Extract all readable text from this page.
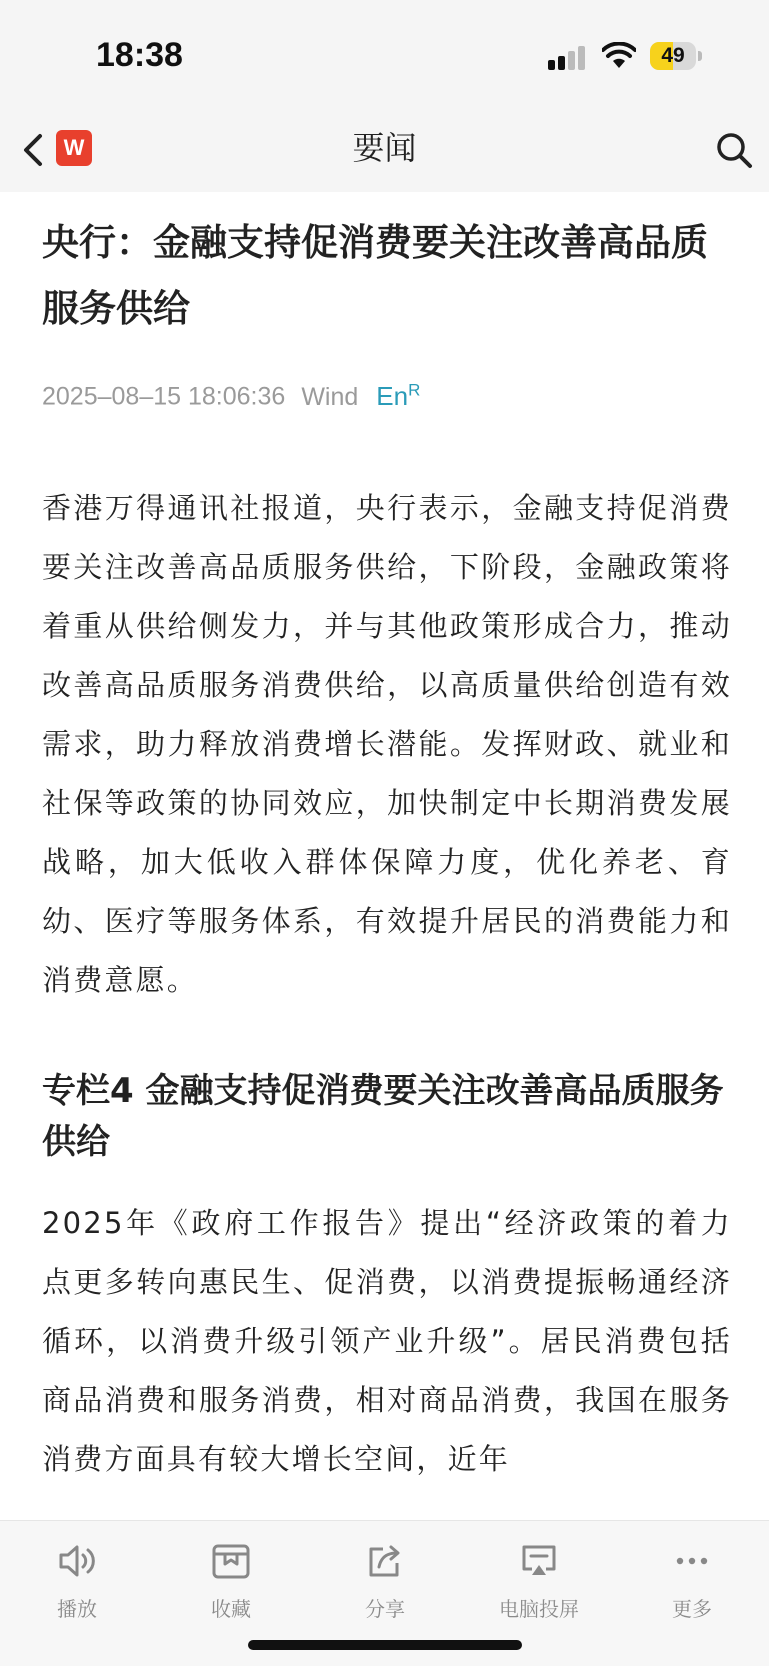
18:38	49
W	要闻
央行：金融支持促消费要关注改善高品质服务供给
2025–08–15 18:06:36 Wind $En^R$

香港万得通讯社报道，央行表示，金融支持促消费要关注改善高品质服务供给，下阶段，金融政策将着重从供给侧发力，并与其他政策形成合力，推动改善高品质服务消费供给，以高质量供给创造有效需求，助力释放消费增长潜能。发挥财政、就业和社保等政策的协同效应，加快制定中长期消费发展战略，加大低收入群体保障力度，优化养老、育幼、医疗等服务体系，有效提升居民的消费能力和消费意愿。

专栏4 金融支持促消费要关注改善高品质服务供给

2025年《政府工作报告》提出“经济政策的着力点更多转向惠民生、促消费，以消费提振畅通经济循环，以消费升级引领产业升级”。居民消费包括商品消费和服务消费，相对商品消费，我国在服务消费方面具有较大增长空间，近年

播放	收藏	分享	电脑投屏	更多
